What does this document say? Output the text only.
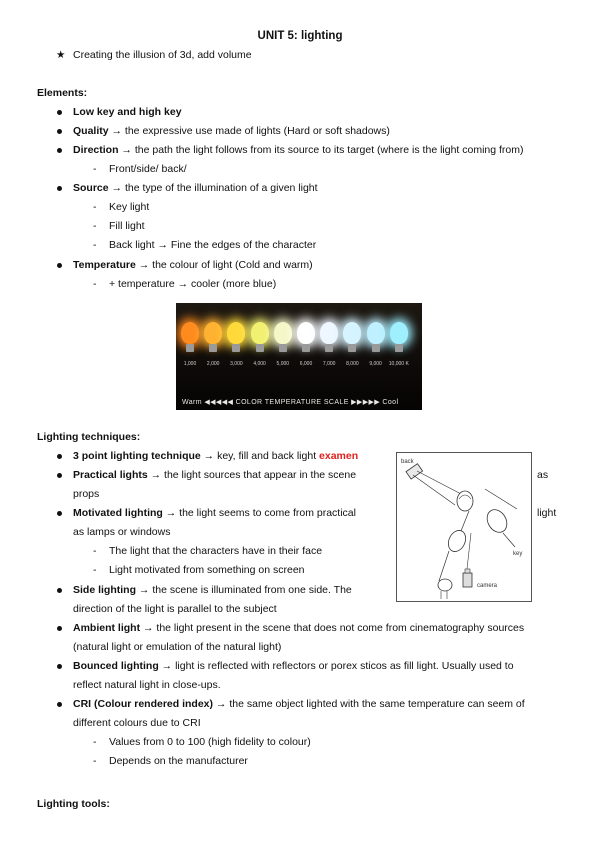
UNIT 5: lighting
★ Creating the illusion of 3d, add volume
Elements:
Low key and high key
Quality → the expressive use made of lights (Hard or soft shadows)
Direction → the path the light follows from its source to its target (where is the light coming from)
- Front/side/ back/
Source → the type of the illumination of a given light
- Key light
- Fill light
- Back light → Fine the edges of the character
Temperature → the colour of light (Cold and warm)
- + temperature → cooler (more blue)
1,000	2,000	3,000	4,000	5,000	6,000	7,000	8,000	9,000	10,000 K
Warm ◀◀◀◀◀ COLOR TEMPERATURE SCALE ▶▶▶▶▶ Cool
Lighting techniques:
3 point lighting technique → key, fill and back light examen
Practical lights → the light sources that appear in the scene	as
props
Motivated lighting → the light seems to come from practical	light
as lamps or windows
- The light that the characters have in their face
- Light motivated from something on screen
Side lighting → the scene is illuminated from one side. The
direction of the light is parallel to the subject
Ambient light → the light present in the scene that does not come from cinematography sources
(natural light or emulation of the natural light)
Bounced lighting → light is reflected with reflectors or porex sticos as fill light. Usually used to
reflect natural light in close-ups.
CRI (Colour rendered index) → the same object lighted with the same temperature can seem of
different colours due to CRI
- Values from 0 to 100 (high fidelity to colour)
- Depends on the manufacturer
back
key
camera
Lighting tools:
